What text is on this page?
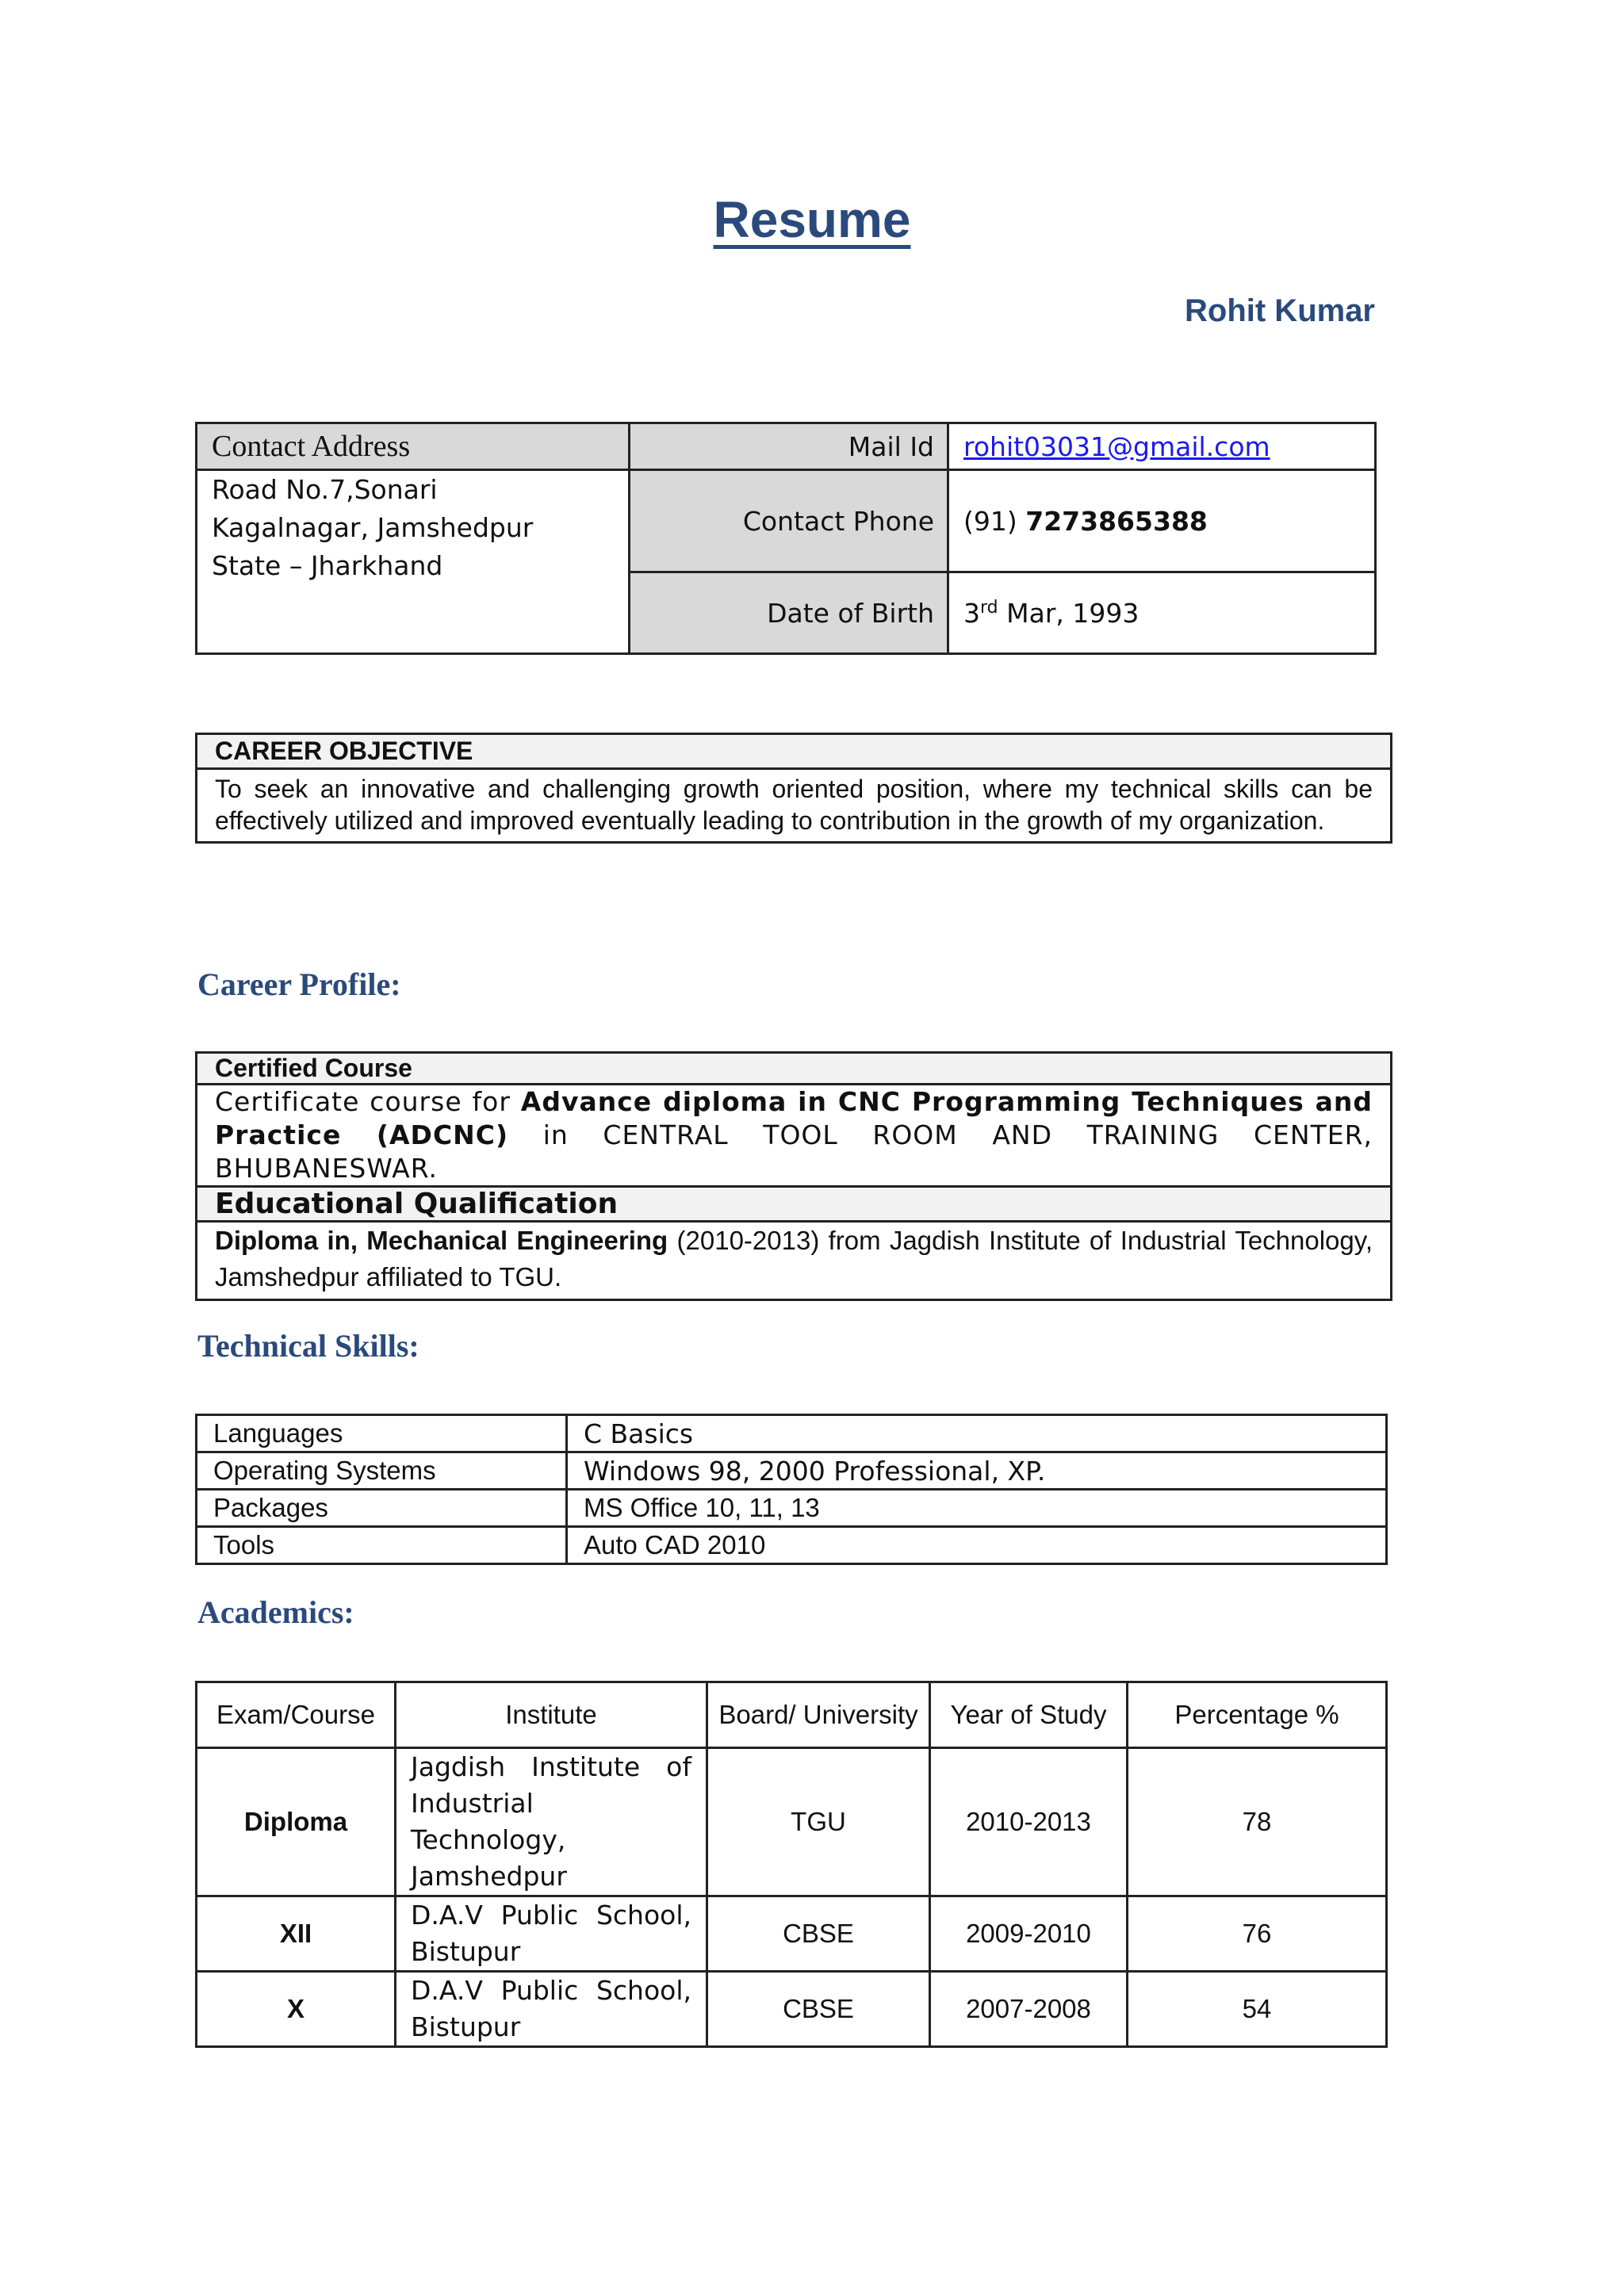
Resume
Rohit Kumar
Contact Address	Mail Id	rohit03031@gmail.com

Road No.7,Sonari
Kagalnagar, Jamshedpur
State – Jharkhand	Contact Phone	(91) 7273865388
	Date of Birth	3rd Mar, 1993
CAREER OBJECTIVE
To seek an innovative and challenging growth oriented position, where my technical skills can be effectively utilized and improved eventually leading to contribution in the growth of my organization.
Career Profile:
Certified Course
Certificate course for Advance diploma in CNC Programming Techniques and Practice (ADCNC) in CENTRAL TOOL ROOM AND TRAINING CENTER, BHUBANESWAR.
Educational Qualification
Diploma in, Mechanical Engineering (2010-2013) from Jagdish Institute of Industrial Technology, Jamshedpur affiliated to TGU.
Technical Skills:
Languages	C Basics
Operating Systems	Windows 98, 2000 Professional, XP.
Packages	MS Office 10, 11, 13
Tools	Auto CAD 2010
Academics:
Exam/Course	Institute	Board/ University	Year of Study	Percentage %
Diploma	Jagdish Institute of Industrial Technology, Jamshedpur	TGU	2010-2013	78
XII	D.A.V Public School, Bistupur	CBSE	2009-2010	76
X	D.A.V Public School, Bistupur	CBSE	2007-2008	54
